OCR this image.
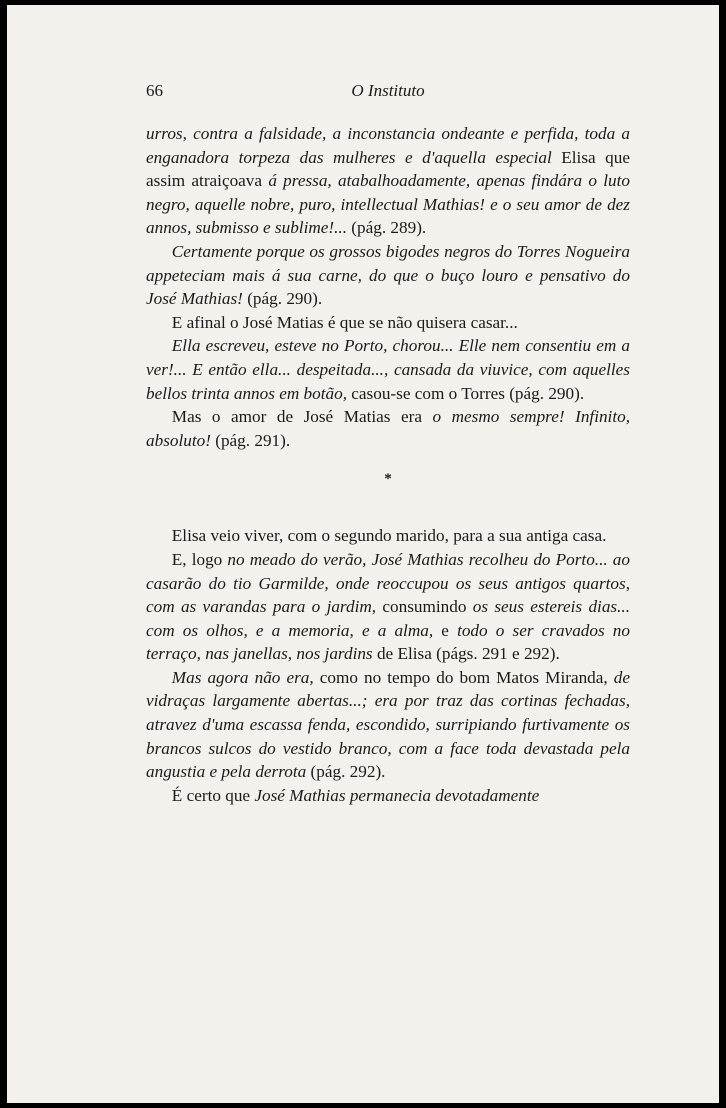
66	O Instituto

urros, contra a falsidade, a inconstancia ondeante e perfida, toda a enganadora torpeza das mulheres e d'aquella especial Elisa que assim atraiçoava á pressa, atabalhoadamente, apenas findára o luto negro, aquelle nobre, puro, intellectual Mathias! e o seu amor de dez annos, submisso e sublime!... (pág. 289).

Certamente porque os grossos bigodes negros do Torres Nogueira appeteciam mais á sua carne, do que o buço louro e pensativo do José Mathias! (pág. 290).

E afinal o José Matias é que se não quisera casar...

Ella escreveu, esteve no Porto, chorou... Elle nem consentiu em a ver!... E então ella... despeitada..., cansada da viuvice, com aquelles bellos trinta annos em botão, casou-se com o Torres (pág. 290).

Mas o amor de José Matias era o mesmo sempre! Infinito, absoluto! (pág. 291).

*

Elisa veio viver, com o segundo marido, para a sua antiga casa.

E, logo no meado do verão, José Mathias recolheu do Porto... ao casarão do tio Garmilde, onde reoccupou os seus antigos quartos, com as varandas para o jardim, consumindo os seus estereis dias... com os olhos, e a memoria, e a alma, e todo o ser cravados no terraço, nas janellas, nos jardins de Elisa (págs. 291 e 292).

Mas agora não era, como no tempo do bom Matos Miranda, de vidraças largamente abertas...; era por traz das cortinas fechadas, atravez d'uma escassa fenda, escondido, surripiando furtivamente os brancos sulcos do vestido branco, com a face toda devastada pela angustia e pela derrota (pág. 292).

É certo que José Mathias permanecia devotadamente
